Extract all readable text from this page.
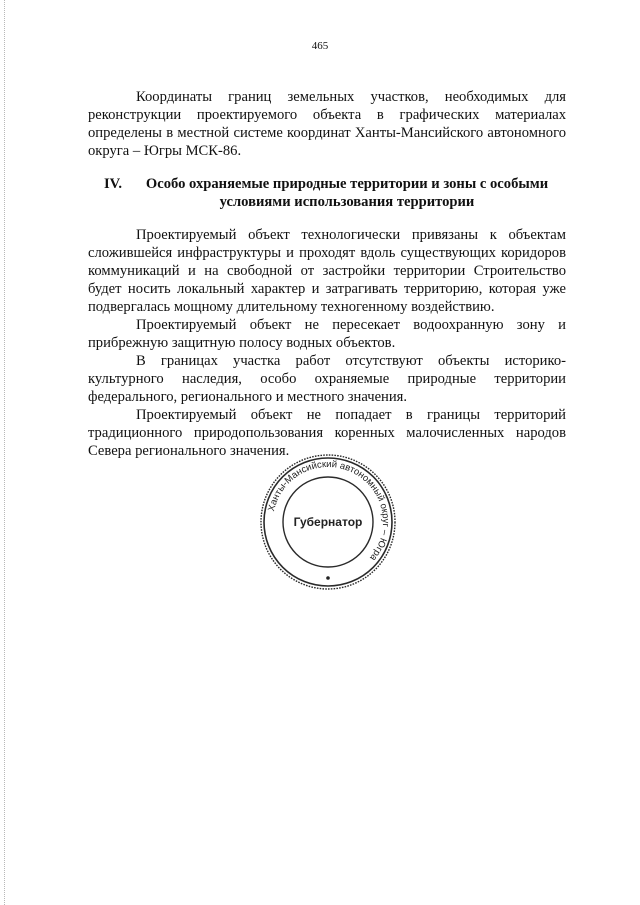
465

Координаты границ земельных участков, необходимых для реконструкции проектируемого объекта в графических материалах определены в местной системе координат Ханты-Мансийского автономного округа – Югры МСК-86.

IV.	Особо охраняемые природные территории и зоны с особыми
условиями использования территории

Проектируемый объект технологически привязаны к объектам сложившейся инфраструктуры и проходят вдоль существующих коридоров коммуникаций и на свободной от застройки территории Строительство будет носить локальный характер и затрагивать территорию, которая уже подвергалась мощному длительному техногенному воздействию.

Проектируемый объект не пересекает водоохранную зону и прибрежную защитную полосу водных объектов.

В границах участка работ отсутствуют объекты историко-культурного наследия, особо охраняемые природные территории федерального, регионального и местного значения.

Проектируемый объект не попадает в границы территорий традиционного природопользования коренных малочисленных народов Севера регионального значения.

Ханты-Мансийский автономный округ – Югра
Губернатор
